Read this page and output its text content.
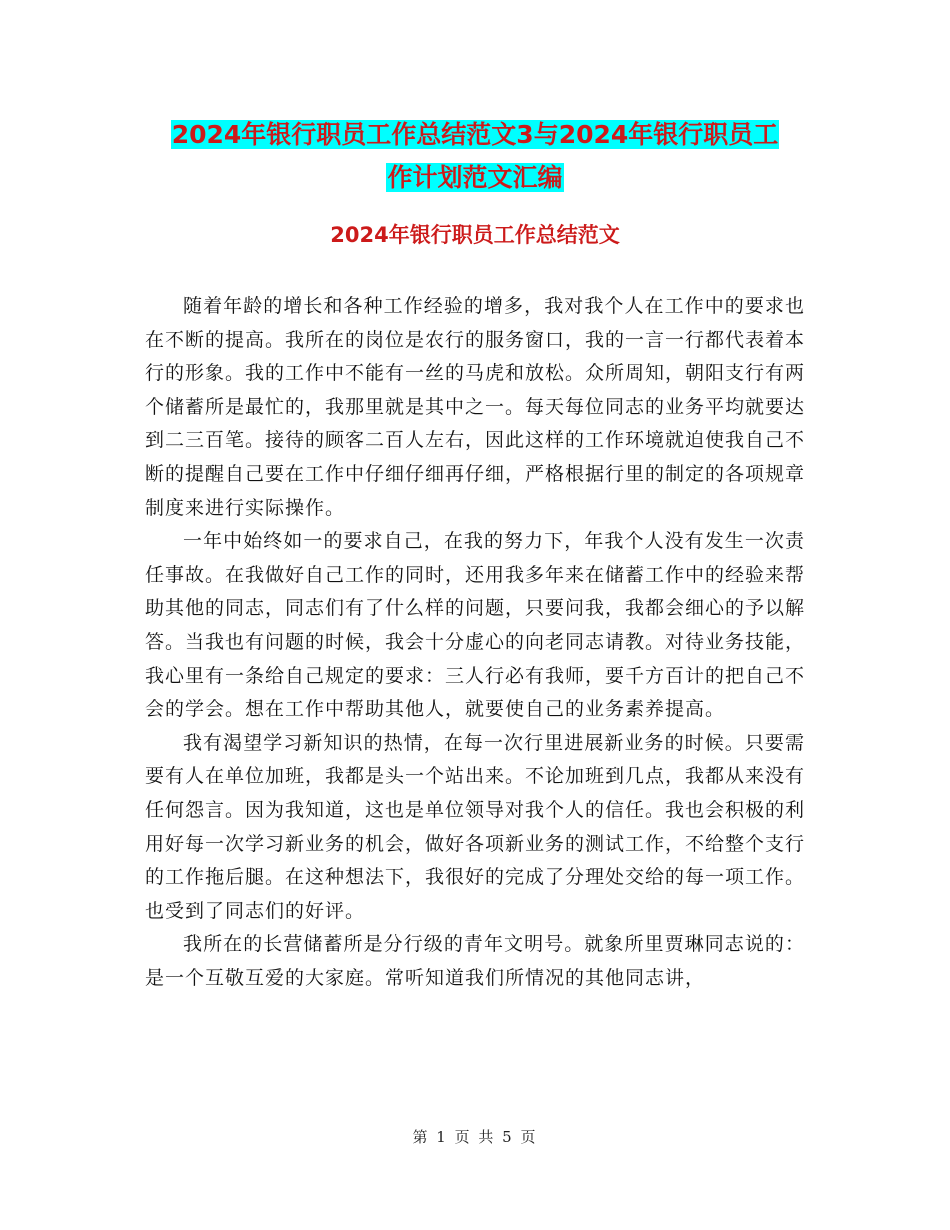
2024年银行职员工作总结范文3与2024年银行职员工
作计划范文汇编
2024年银行职员工作总结范文

随着年龄的增长和各种工作经验的增多，我对我个人在工作中的要求也在不断的提高。我所在的岗位是农行的服务窗口，我的一言一行都代表着本行的形象。我的工作中不能有一丝的马虎和放松。众所周知，朝阳支行有两个储蓄所是最忙的，我那里就是其中之一。每天每位同志的业务平均就要达到二三百笔。接待的顾客二百人左右，因此这样的工作环境就迫使我自己不断的提醒自己要在工作中仔细仔细再仔细，严格根据行里的制定的各项规章制度来进行实际操作。

一年中始终如一的要求自己，在我的努力下，年我个人没有发生一次责任事故。在我做好自己工作的同时，还用我多年来在储蓄工作中的经验来帮助其他的同志，同志们有了什么样的问题，只要问我，我都会细心的予以解答。当我也有问题的时候，我会十分虚心的向老同志请教。对待业务技能，我心里有一条给自己规定的要求：三人行必有我师，要千方百计的把自己不会的学会。想在工作中帮助其他人，就要使自己的业务素养提高。

我有渴望学习新知识的热情，在每一次行里进展新业务的时候。只要需要有人在单位加班，我都是头一个站出来。不论加班到几点，我都从来没有任何怨言。因为我知道，这也是单位领导对我个人的信任。我也会积极的利用好每一次学习新业务的机会，做好各项新业务的测试工作，不给整个支行的工作拖后腿。在这种想法下，我很好的完成了分理处交给的每一项工作。也受到了同志们的好评。

我所在的长营储蓄所是分行级的青年文明号。就象所里贾琳同志说的：是一个互敬互爱的大家庭。常听知道我们所情况的其他同志讲，

第 1 页 共 5 页
